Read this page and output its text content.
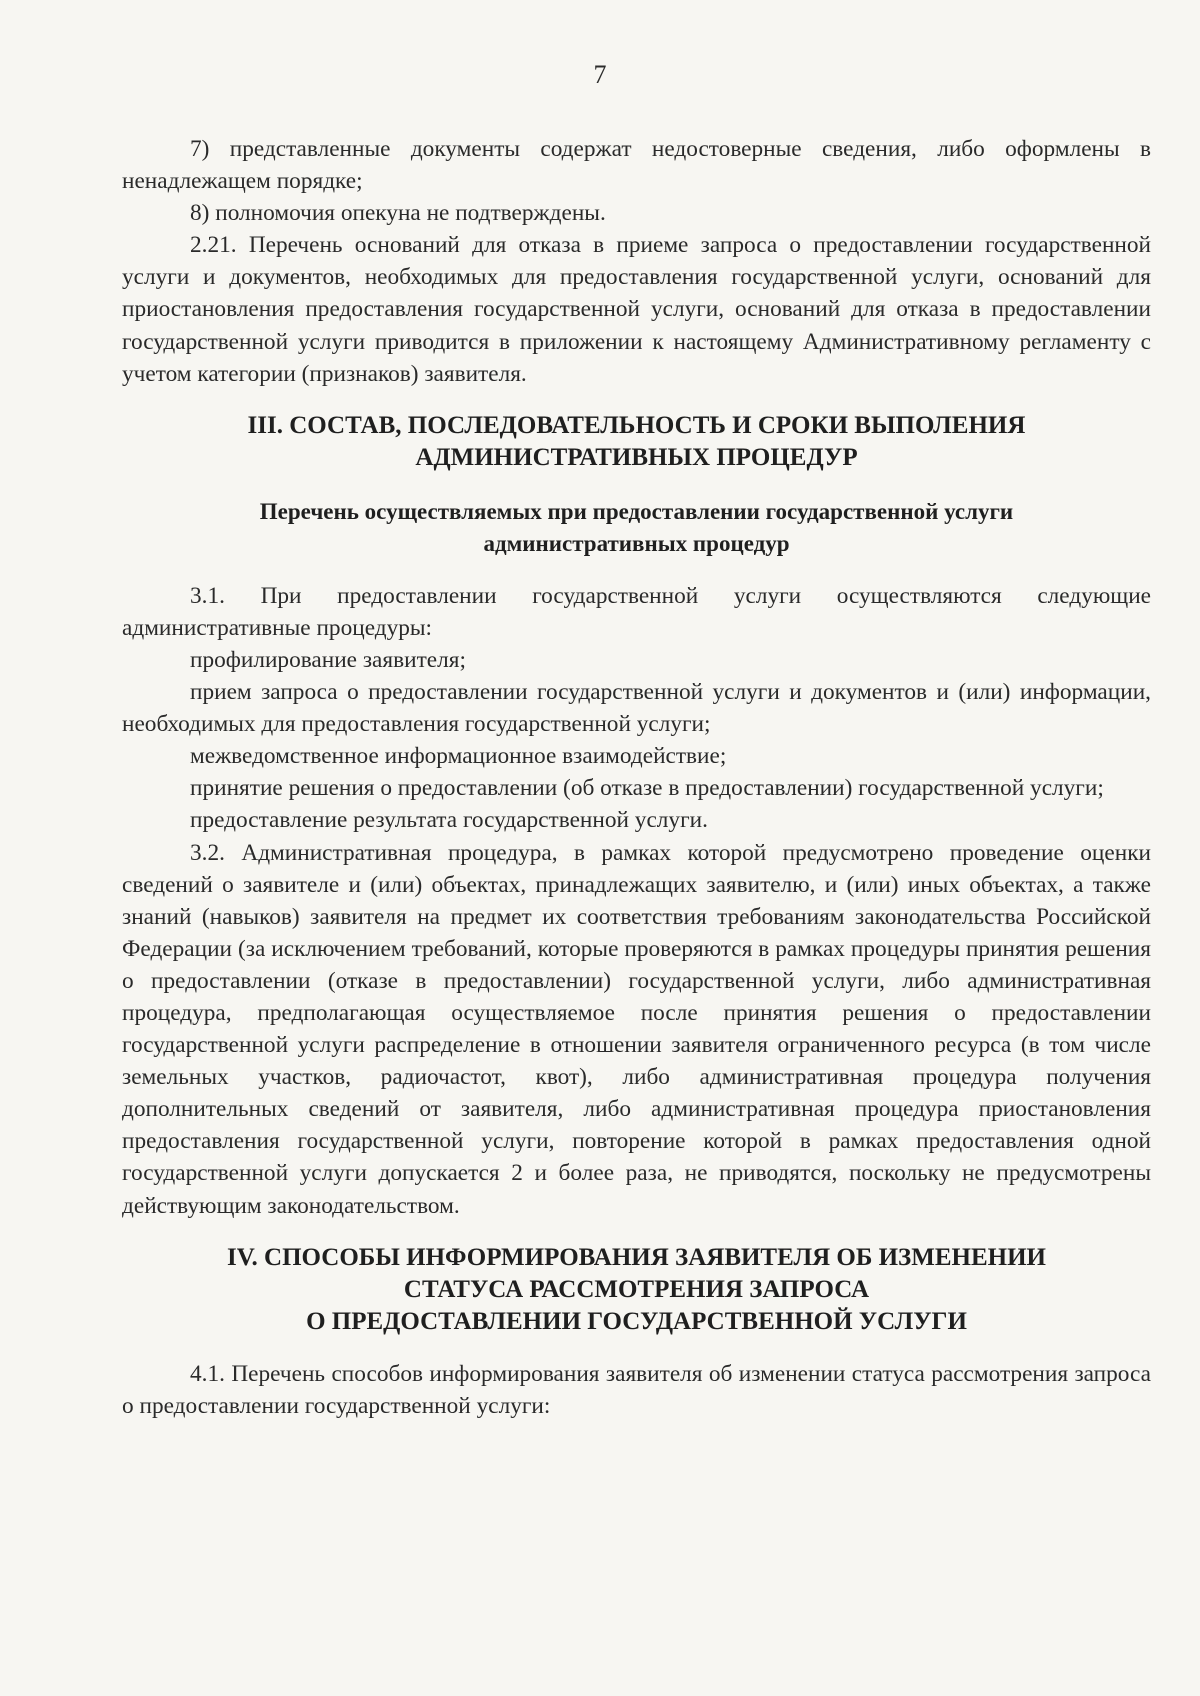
7

7) представленные документы содержат недостоверные сведения, либо оформлены в ненадлежащем порядке;

8) полномочия опекуна не подтверждены.

2.21. Перечень оснований для отказа в приеме запроса о предоставлении государственной услуги и документов, необходимых для предоставления государственной услуги, оснований для приостановления предоставления государственной услуги, оснований для отказа в предоставлении государственной услуги приводится в приложении к настоящему Административному регламенту с учетом категории (признаков) заявителя.

III. СОСТАВ, ПОСЛЕДОВАТЕЛЬНОСТЬ И СРОКИ ВЫПОЛЕНИЯ
АДМИНИСТРАТИВНЫХ ПРОЦЕДУР
Перечень осуществляемых при предоставлении государственной услуги
административных процедур

3.1. При предоставлении государственной услуги осуществляются следующие административные процедуры:

профилирование заявителя;

прием запроса о предоставлении государственной услуги и документов и (или) информации, необходимых для предоставления государственной услуги;

межведомственное информационное взаимодействие;

принятие решения о предоставлении (об отказе в предоставлении) государственной услуги;

предоставление результата государственной услуги.

3.2. Административная процедура, в рамках которой предусмотрено проведение оценки сведений о заявителе и (или) объектах, принадлежащих заявителю, и (или) иных объектах, а также знаний (навыков) заявителя на предмет их соответствия требованиям законодательства Российской Федерации (за исключением требований, которые проверяются в рамках процедуры принятия решения о предоставлении (отказе в предоставлении) государственной услуги, либо административная процедура, предполагающая осуществляемое после принятия решения о предоставлении государственной услуги распределение в отношении заявителя ограниченного ресурса (в том числе земельных участков, радиочастот, квот), либо административная процедура получения дополнительных сведений от заявителя, либо административная процедура приостановления предоставления государственной услуги, повторение которой в рамках предоставления одной государственной услуги допускается 2 и более раза, не приводятся, поскольку не предусмотрены действующим законодательством.

IV. СПОСОБЫ ИНФОРМИРОВАНИЯ ЗАЯВИТЕЛЯ ОБ ИЗМЕНЕНИИ
СТАТУСА РАССМОТРЕНИЯ ЗАПРОСА
О ПРЕДОСТАВЛЕНИИ ГОСУДАРСТВЕННОЙ УСЛУГИ

4.1. Перечень способов информирования заявителя об изменении статуса рассмотрения запроса о предоставлении государственной услуги:
